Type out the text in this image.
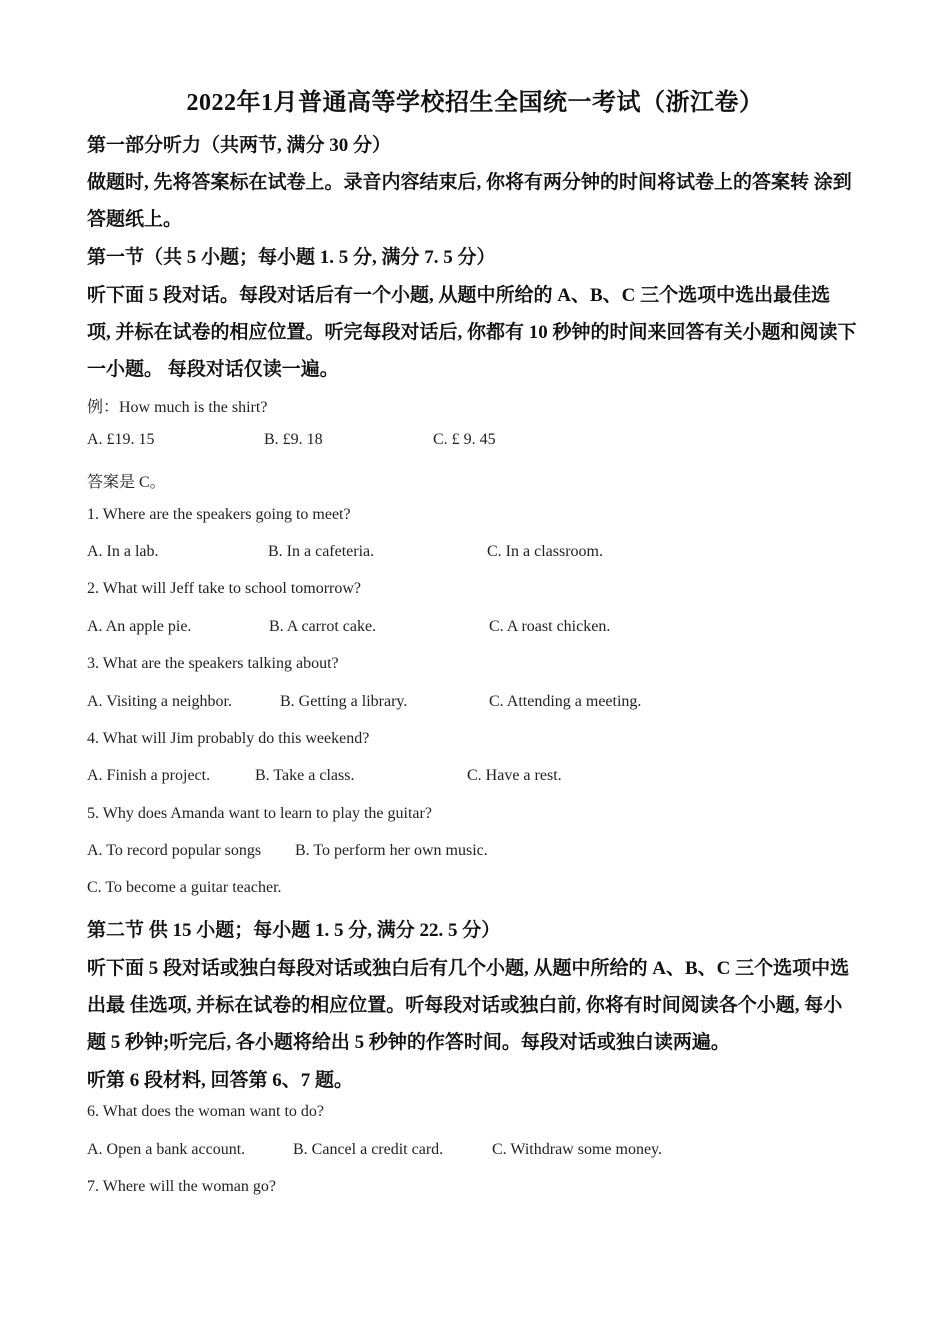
2022年1月普通高等学校招生全国统一考试（浙江卷）
第一部分听力（共两节, 满分 30 分）
做题时, 先将答案标在试卷上。录音内容结束后, 你将有两分钟的时间将试卷上的答案转 涂到
答题纸上。
第一节（共 5 小题；每小题 1. 5 分, 满分 7. 5 分）
听下面 5 段对话。每段对话后有一个小题, 从题中所给的 A、B、C 三个选项中选出最佳选
项, 并标在试卷的相应位置。听完每段对话后, 你都有 10 秒钟的时间来回答有关小题和阅读下
一小题。 每段对话仅读一遍。
例：How much is the shirt?
A. £19. 15	B. £9. 18	C. £ 9. 45
答案是 C。
1. Where are the speakers going to meet?
A. In a lab.	B. In a cafeteria.	C. In a classroom.
2. What will Jeff take to school tomorrow?
A. An apple pie.	B. A carrot cake.	C. A roast chicken.
3. What are the speakers talking about?
A. Visiting a neighbor.	B. Getting a library.	C. Attending a meeting.
4. What will Jim probably do this weekend?
A. Finish a project.	B. Take a class.	C. Have a rest.
5. Why does Amanda want to learn to play the guitar?
A. To record popular songs B. To perform her own music.
C. To become a guitar teacher.
第二节 供 15 小题；每小题 1. 5 分, 满分 22. 5 分）
听下面 5 段对话或独白每段对话或独白后有几个小题, 从题中所给的 A、B、C 三个选项中选
出最 佳选项, 并标在试卷的相应位置。听每段对话或独白前, 你将有时间阅读各个小题, 每小
题 5 秒钟;听完后, 各小题将给出 5 秒钟的作答时间。每段对话或独白读两遍。
听第 6 段材料, 回答第 6、7 题。
6. What does the woman want to do?
A. Open a bank account.	B. Cancel a credit card.	C. Withdraw some money.
7. Where will the woman go?
